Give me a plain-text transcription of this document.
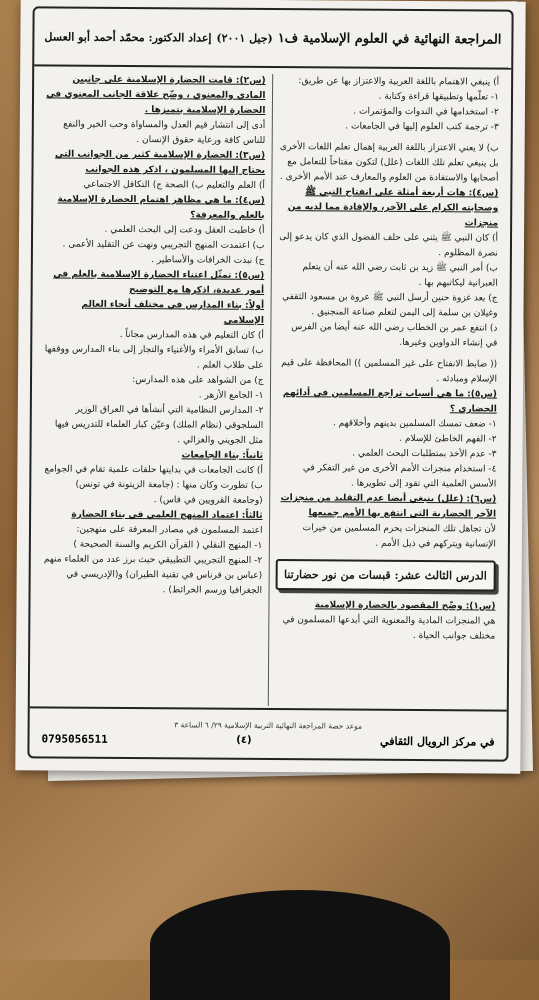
المراجعة النهائية في العلوم الإسلامية ف١
(جيل ٢٠٠١)
إعداد الدكتور: محمّد أحمد أبو العسل

أ) ينبغي الاهتمام باللغة العربية والاعتزاز بها عن طريق:

١- تعلّمها وتطبيقها قراءة وكتابة .

٢- استخدامها في الندوات والمؤتمرات .

٣- ترجمة كتب العلوم إليها في الجامعات .

ب) لا يعني الاعتزاز باللغة العربية إهمال تعلم اللغات الأخرى بل ينبغي تعلم تلك اللغات (علل) لتكون مفتاحاً للتعامل مع أصحابها والاستفادة من العلوم والمعارف عند الأمم الأخرى .

(س٤): هات أربعة أمثلة على انفتاح النبي ﷺ وصحابته الكرام على الآخر، والإفادة مما لديه من منجزات

أ) كان النبي ﷺ يثني على حلف الفضول الذي كان يدعو إلى نصرة المظلوم .

ب) أمر النبي ﷺ زيد بن ثابت رضي الله عنه أن يتعلم العبرانية ليكاتبهم بها .

ج) بعد غزوة حنين أرسل النبي ﷺ عروة بن مسعود الثقفي وغيلان بن سلمة إلى اليمن لتعلم صناعة المنجنيق .

د) انتفع عمر بن الخطاب رضي الله عنه أيضا من الفرس في إنشاء الدواوين وغيرها.

(( ضابط الانفتاح على غير المسلمين )) المحافظة على قيم الإسلام ومبادئه .

(س٥): ما هي أسباب تراجع المسلمين في أدائهم الحضاري ؟

١- ضعف تمسك المسلمين بدينهم وأخلاقهم .

٢- الفهم الخاطئ للإسلام .

٣- عدم الأخذ بمتطلبات البحث العلمي .

٤- استخدام منجزات الأمم الأخرى من غير التفكر في الأسس العلمية التي تقود إلى تطويرها .

(س٦): (علل) ينبغي أيضا عدم التقليد من منجزات الآخر الحضارية التي انتفع بها الأمم جميعها

لأن تجاهل تلك المنجزات يحرم المسلمين من خيرات الإنسانية ويتركهم في ذيل الأمم .

الدرس الثالث عشر: قبسات من نور حضارتنا

(س١): وضّح المقصود بالحضارة الإسلامية

هي المنجزات المادية والمعنوية التي أبدعها المسلمون في مختلف جوانب الحياة .

(س٢): قامت الحضارة الإسلامية على جانبين المادي والمعنوي ، وضّح علاقة الجانب المعنوي في الحضارة الإسلامية بتميزها .

أدى إلى انتشار قيم العدل والمساواة وحب الخير والنفع للناس كافة ورعاية حقوق الإنسان .

(س٣): الحضارة الإسلامية كثير من الجوانب التي يحتاج إليها المسلمون ، اذكر هذه الجوانب

أ) العلم والتعليم ب) الصحة ج) التكافل الاجتماعي

(س٤): ما هي مظاهر اهتمام الحضارة الإسلامية بالعلم والمعرفة؟

أ) خاطبت العقل ودعت إلى البحث العلمي .

ب) اعتمدت المنهج التجريبي ونهت عن التقليد الأعمى .

ج) نبذت الخرافات والأساطير .

(س٥): تمثّل اعتناء الحضارة الإسلامية بالعلم في أمور عديدة، اذكرها مع التوضيح

أولاً: بناء المدارس في مختلف أنحاء العالم الإسلامي

أ) كان التعليم في هذه المدارس مجاناً .

ب) تسابق الأمراء والأغنياء والتجار إلى بناء المدارس ووقفها على طلاب العلم .

ج) من الشواهد على هذه المدارس:

١- الجامع الأزهر .

٢- المدارس النظامية التي أنشأها في العراق الوزير السلجوقي (نظام الملك) وعيّن كبار العلماء للتدريس فيها مثل الجويني والغزالي .

ثانياً: بناء الجامعات

أ) كانت الجامعات في بدايتها حلقات علمية تقام في الجوامع

ب) تطورت وكان منها : (جامعة الزيتونة في تونس) (وجامعة القرويين في فاس) .

ثالثاً: اعتماد المنهج العلمي في بناء الحضارة

اعتمد المسلمون في مصادر المعرفة على منهجين:

١- المنهج النقلي ( القرآن الكريم والسنة الصحيحة )

٢- المنهج التجريبي التطبيقي حيث برز عدد من العلماء منهم (عباس بن فرناس في تقنية الطيران) و(الإدريسي في الجغرافيا ورسم الخرائط) .

موعد حصة المراجعة النهائية التربية الإسلامية ٢٩/ ٦ الساعة ٣
في مركز الرويال الثقافي
(٤)
0795056511
